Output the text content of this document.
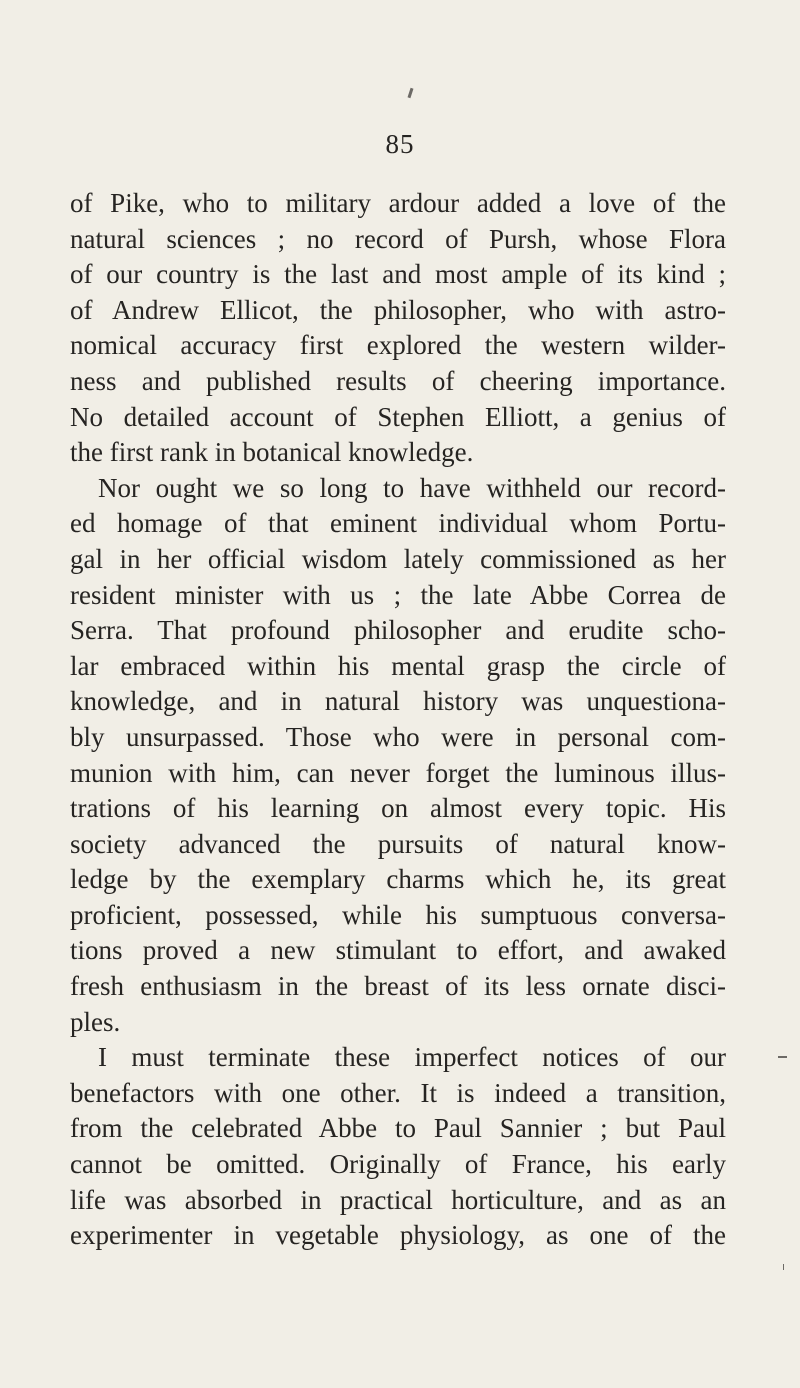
85
of Pike, who to military ardour added a love of the
natural sciences ; no record of Pursh, whose Flora
of our country is the last and most ample of its kind ;
of Andrew Ellicot, the philosopher, who with astro-
nomical accuracy first explored the western wilder-
ness and published results of cheering importance.
No detailed account of Stephen Elliott, a genius of
the first rank in botanical knowledge.
Nor ought we so long to have withheld our record-
ed homage of that eminent individual whom Portu-
gal in her official wisdom lately commissioned as her
resident minister with us ; the late Abbe Correa de
Serra. That profound philosopher and erudite scho-
lar embraced within his mental grasp the circle of
knowledge, and in natural history was unquestiona-
bly unsurpassed. Those who were in personal com-
munion with him, can never forget the luminous illus-
trations of his learning on almost every topic. His
society advanced the pursuits of natural know-
ledge by the exemplary charms which he, its great
proficient, possessed, while his sumptuous conversa-
tions proved a new stimulant to effort, and awaked
fresh enthusiasm in the breast of its less ornate disci-
ples.
I must terminate these imperfect notices of our
benefactors with one other. It is indeed a transition,
from the celebrated Abbe to Paul Sannier ; but Paul
cannot be omitted. Originally of France, his early
life was absorbed in practical horticulture, and as an
experimenter in vegetable physiology, as one of the
